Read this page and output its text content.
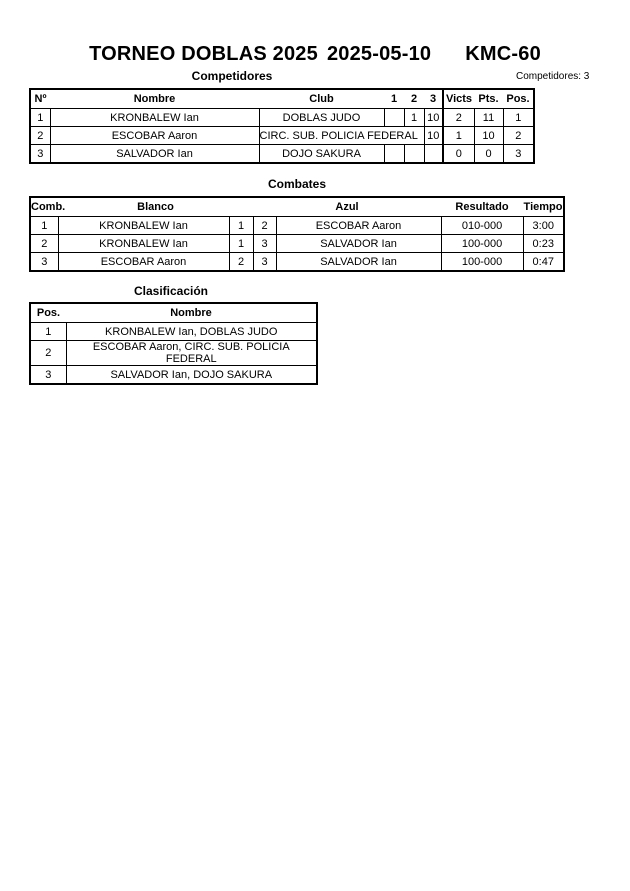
TORNEO DOBLAS 2025 2025-05-10 KMC-60
Competidores	Competidores: 3
Nº	Nombre	Club	1	2	3	Victs	Pts.	Pos.
1	KRONBALEW Ian	DOBLAS JUDO		1	10	2	11	1
2	ESCOBAR Aaron	CIRC. SUB. POLICIA FEDERAL			10	1	10	2
3	SALVADOR Ian	DOJO SAKURA				0	0	3
Combates
Comb.	Blanco		Azul		Resultado	Tiempo
1	KRONBALEW Ian	1	2	ESCOBAR Aaron	010-000	3:00
2	KRONBALEW Ian	1	3	SALVADOR Ian	100-000	0:23
3	ESCOBAR Aaron	2	3	SALVADOR Ian	100-000	0:47
Clasificación
Pos.	Nombre
1	KRONBALEW Ian, DOBLAS JUDO
2	ESCOBAR Aaron, CIRC. SUB. POLICIA FEDERAL
3	SALVADOR Ian, DOJO SAKURA
